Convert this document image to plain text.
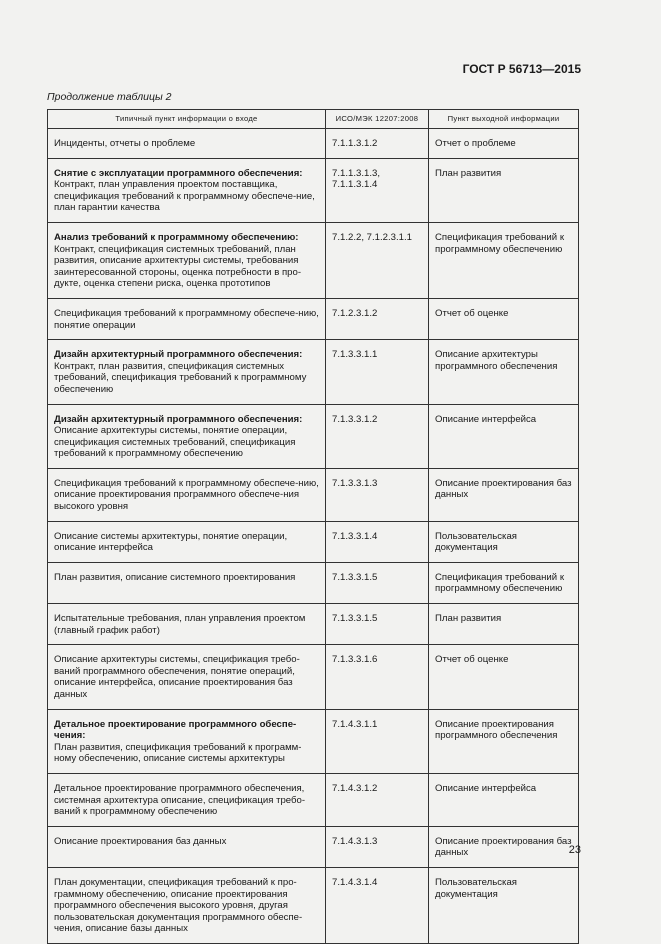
ГОСТ Р 56713—2015
Продолжение таблицы 2
Типичный пункт информации о входе	ИСО/МЭК 12207:2008	Пункт выходной информации

Инциденты, отчеты о проблеме	7.1.1.3.1.2	Отчет о проблеме

Снятие с эксплуатации программного обеспечения:
Контракт, план управления проектом поставщика, спецификация требований к программному обеспече-ние, план гарантии качества	7.1.1.3.1.3, 7.1.1.3.1.4	План развития

Анализ требований к программному обеспечению:
Контракт, спецификация системных требований, план развития, описание архитектуры системы, требования заинтересованной стороны, оценка потребности в про-дукте, оценка степени риска, оценка прототипов	7.1.2.2, 7.1.2.3.1.1	Спецификация требований к программному обеспечению

Спецификация требований к программному обеспече-нию, понятие операции	7.1.2.3.1.2	Отчет об оценке

Дизайн архитектурный программного обеспечения:
Контракт, план развития, спецификация системных требований, спецификация требований к программному обеспечению	7.1.3.3.1.1	Описание архитектуры программного обеспечения

Дизайн архитектурный программного обеспечения:
Описание архитектуры системы, понятие операции, спецификация системных требований, спецификация требований к программному обеспечению	7.1.3.3.1.2	Описание интерфейса

Спецификация требований к программному обеспече-нию, описание проектирования программного обеспече-ния высокого уровня	7.1.3.3.1.3	Описание проектирования баз данных

Описание системы архитектуры, понятие операции, описание интерфейса	7.1.3.3.1.4	Пользовательская документация

План развития, описание системного проектирования	7.1.3.3.1.5	Спецификация требований к программному обеспечению

Испытательные требования, план управления проектом (главный график работ)	7.1.3.3.1.5	План развития

Описание архитектуры системы, спецификация требо-ваний программного обеспечения, понятие операций, описание интерфейса, описание проектирования баз данных	7.1.3.3.1.6	Отчет об оценке

Детальное проектирование программного обеспе-чения:
План развития, спецификация требований к программ-ному обеспечению, описание системы архитектуры	7.1.4.3.1.1	Описание проектирования программного обеспечения

Детальное проектирование программного обеспечения, системная архитектура описание, спецификация требо-ваний к программному обеспечению	7.1.4.3.1.2	Описание интерфейса

Описание проектирования баз данных	7.1.4.3.1.3	Описание проектирования баз данных

План документации, спецификация требований к про-граммному обеспечению, описание проектирования программного обеспечения высокого уровня, другая пользовательская документация программного обеспе-чения, описание базы данных	7.1.4.3.1.4	Пользовательская документация
23
